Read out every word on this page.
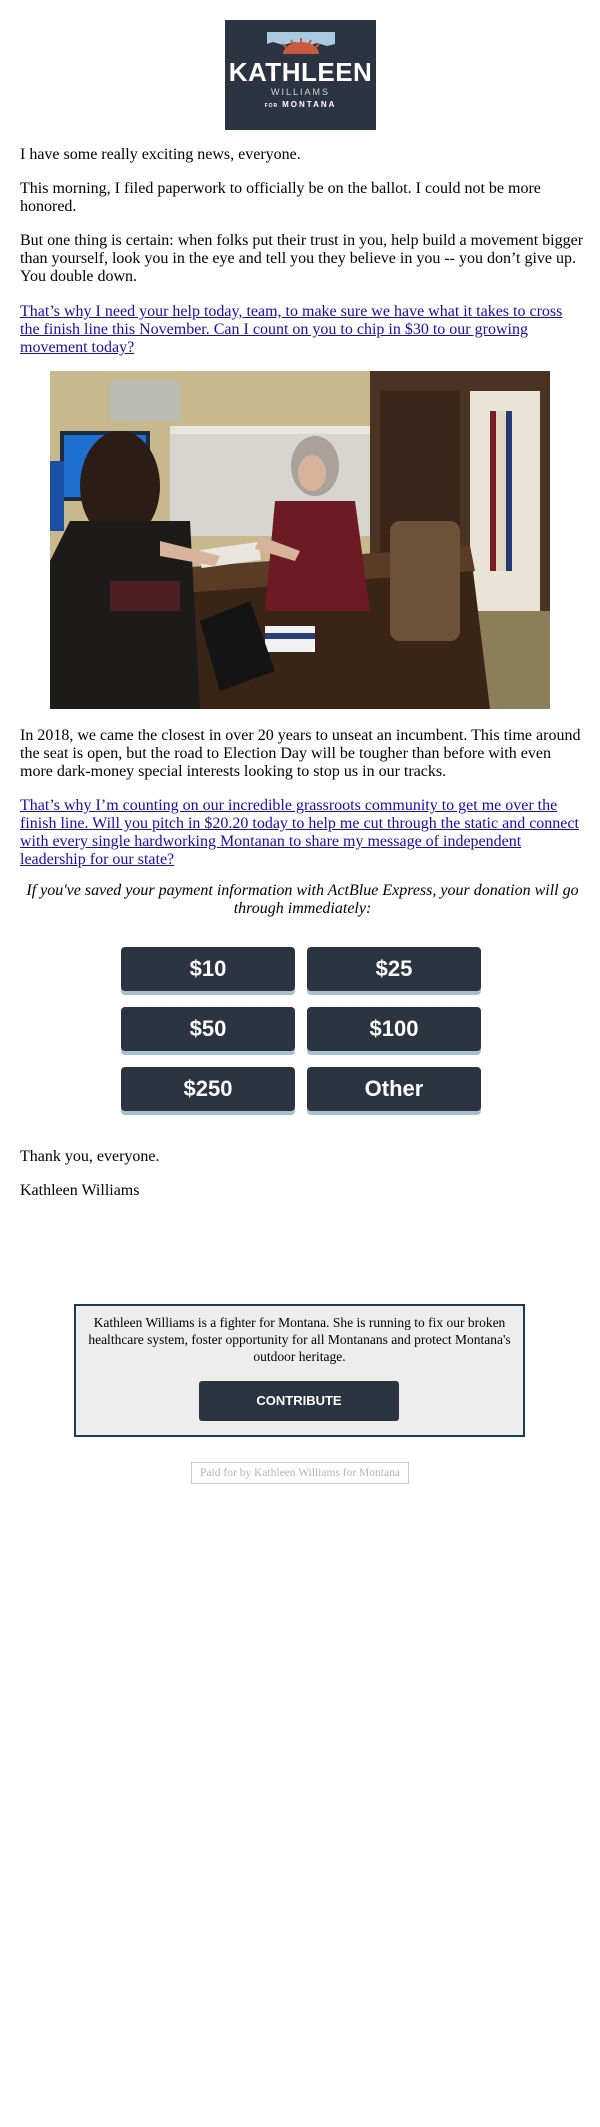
KATHLEEN
WILLIAMS
FOR MONTANA

I have some really exciting news, everyone.

This morning, I filed paperwork to officially be on the ballot. I could not be more honored.

But one thing is certain: when folks put their trust in you, help build a movement bigger than yourself, look you in the eye and tell you they believe in you -- you don’t give up. You double down.

That’s why I need your help today, team, to make sure we have what it takes to cross the finish line this November. Can I count on you to chip in $30 to our growing movement today?

In 2018, we came the closest in over 20 years to unseat an incumbent. This time around the seat is open, but the road to Election Day will be tougher than before with even more dark-money special interests looking to stop us in our tracks.

That’s why I’m counting on our incredible grassroots community to get me over the finish line. Will you pitch in $20.20 today to help me cut through the static and connect with every single hardworking Montanan to share my message of independent leadership for our state?

If you've saved your payment information with ActBlue Express, your donation will go through immediately:

$10	$25
$50	$100
$250	Other

Thank you, everyone.

Kathleen Williams

Kathleen Williams is a fighter for Montana. She is running to fix our broken healthcare system, foster opportunity for all Montanans and protect Montana's outdoor heritage.

CONTRIBUTE
Paid for by Kathleen Williams for Montana
